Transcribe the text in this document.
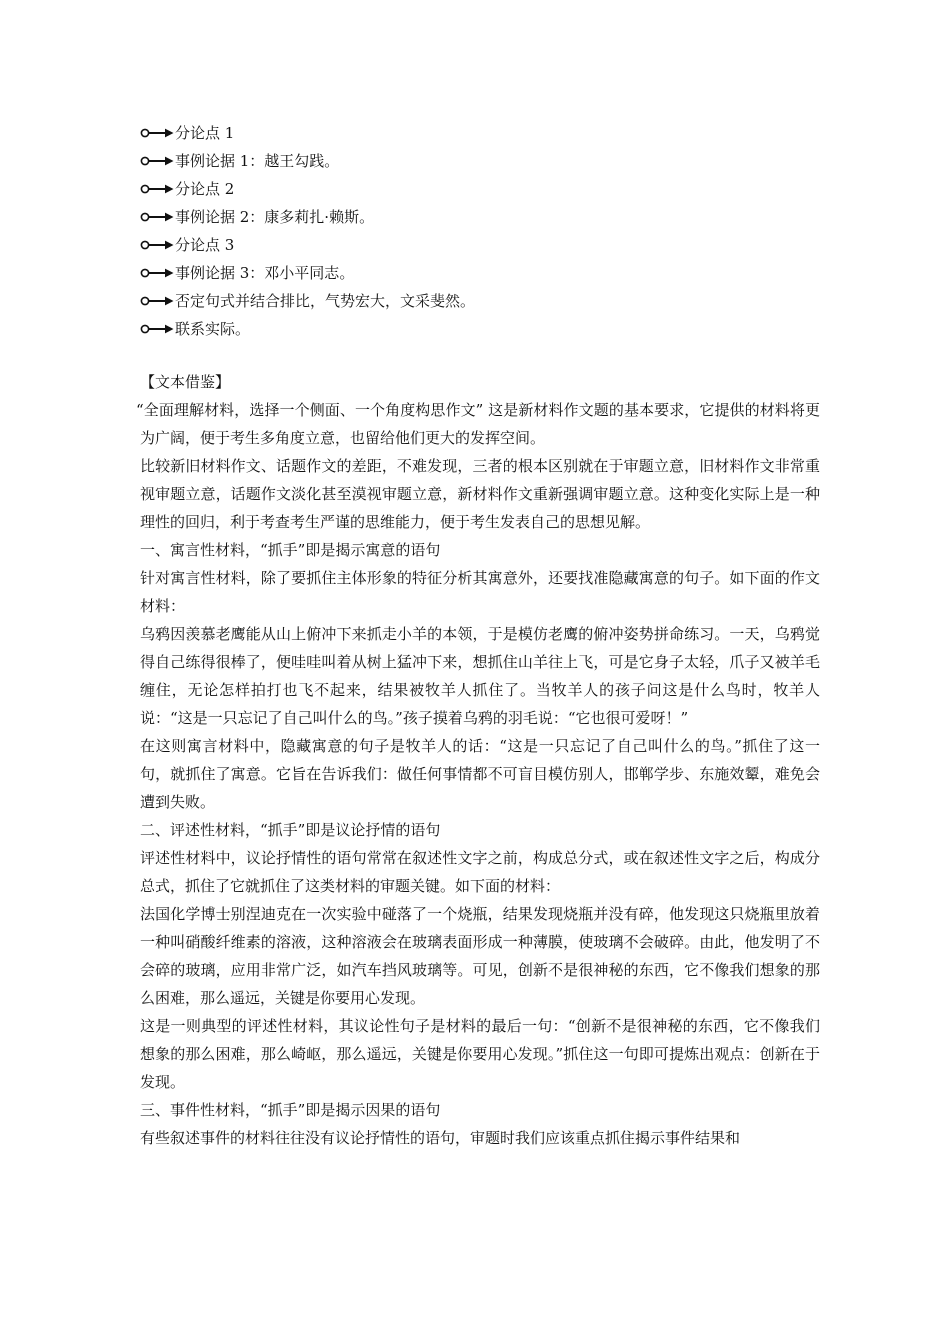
分论点 1
事例论据 1：越王勾践。
分论点 2
事例论据 2：康多莉扎·赖斯。
分论点 3
事例论据 3：邓小平同志。
否定句式并结合排比，气势宏大，文采斐然。
联系实际。
【文本借鉴】

“全面理解材料，选择一个侧面、一个角度构思作文” 这是新材料作文题的基本要求，它提供的材料将更为广阔，便于考生多角度立意，也留给他们更大的发挥空间。

比较新旧材料作文、话题作文的差距，不难发现，三者的根本区别就在于审题立意，旧材料作文非常重视审题立意，话题作文淡化甚至漠视审题立意，新材料作文重新强调审题立意。这种变化实际上是一种理性的回归，利于考查考生严谨的思维能力，便于考生发表自己的思想见解。

一、寓言性材料，“抓手”即是揭示寓意的语句

针对寓言性材料，除了要抓住主体形象的特征分析其寓意外，还要找准隐藏寓意的句子。如下面的作文材料：

乌鸦因羡慕老鹰能从山上俯冲下来抓走小羊的本领，于是模仿老鹰的俯冲姿势拼命练习。一天，乌鸦觉得自己练得很棒了，便哇哇叫着从树上猛冲下来，想抓住山羊往上飞，可是它身子太轻，爪子又被羊毛缠住，无论怎样拍打也飞不起来，结果被牧羊人抓住了。当牧羊人的孩子问这是什么鸟时，牧羊人说：“这是一只忘记了自己叫什么的鸟。”孩子摸着乌鸦的羽毛说：“它也很可爱呀！”

在这则寓言材料中，隐藏寓意的句子是牧羊人的话：“这是一只忘记了自己叫什么的鸟。”抓住了这一句，就抓住了寓意。它旨在告诉我们：做任何事情都不可盲目模仿别人，邯郸学步、东施效颦，难免会遭到失败。

二、评述性材料，“抓手”即是议论抒情的语句

评述性材料中，议论抒情性的语句常常在叙述性文字之前，构成总分式，或在叙述性文字之后，构成分总式，抓住了它就抓住了这类材料的审题关键。如下面的材料：

法国化学博士别涅迪克在一次实验中碰落了一个烧瓶，结果发现烧瓶并没有碎，他发现这只烧瓶里放着一种叫硝酸纤维素的溶液，这种溶液会在玻璃表面形成一种薄膜，使玻璃不会破碎。由此，他发明了不会碎的玻璃，应用非常广泛，如汽车挡风玻璃等。可见，创新不是很神秘的东西，它不像我们想象的那么困难，那么遥远，关键是你要用心发现。

这是一则典型的评述性材料，其议论性句子是材料的最后一句：“创新不是很神秘的东西，它不像我们想象的那么困难，那么崎岖，那么遥远，关键是你要用心发现。”抓住这一句即可提炼出观点：创新在于发现。

三、事件性材料，“抓手”即是揭示因果的语句

有些叙述事件的材料往往没有议论抒情性的语句，审题时我们应该重点抓住揭示事件结果和
